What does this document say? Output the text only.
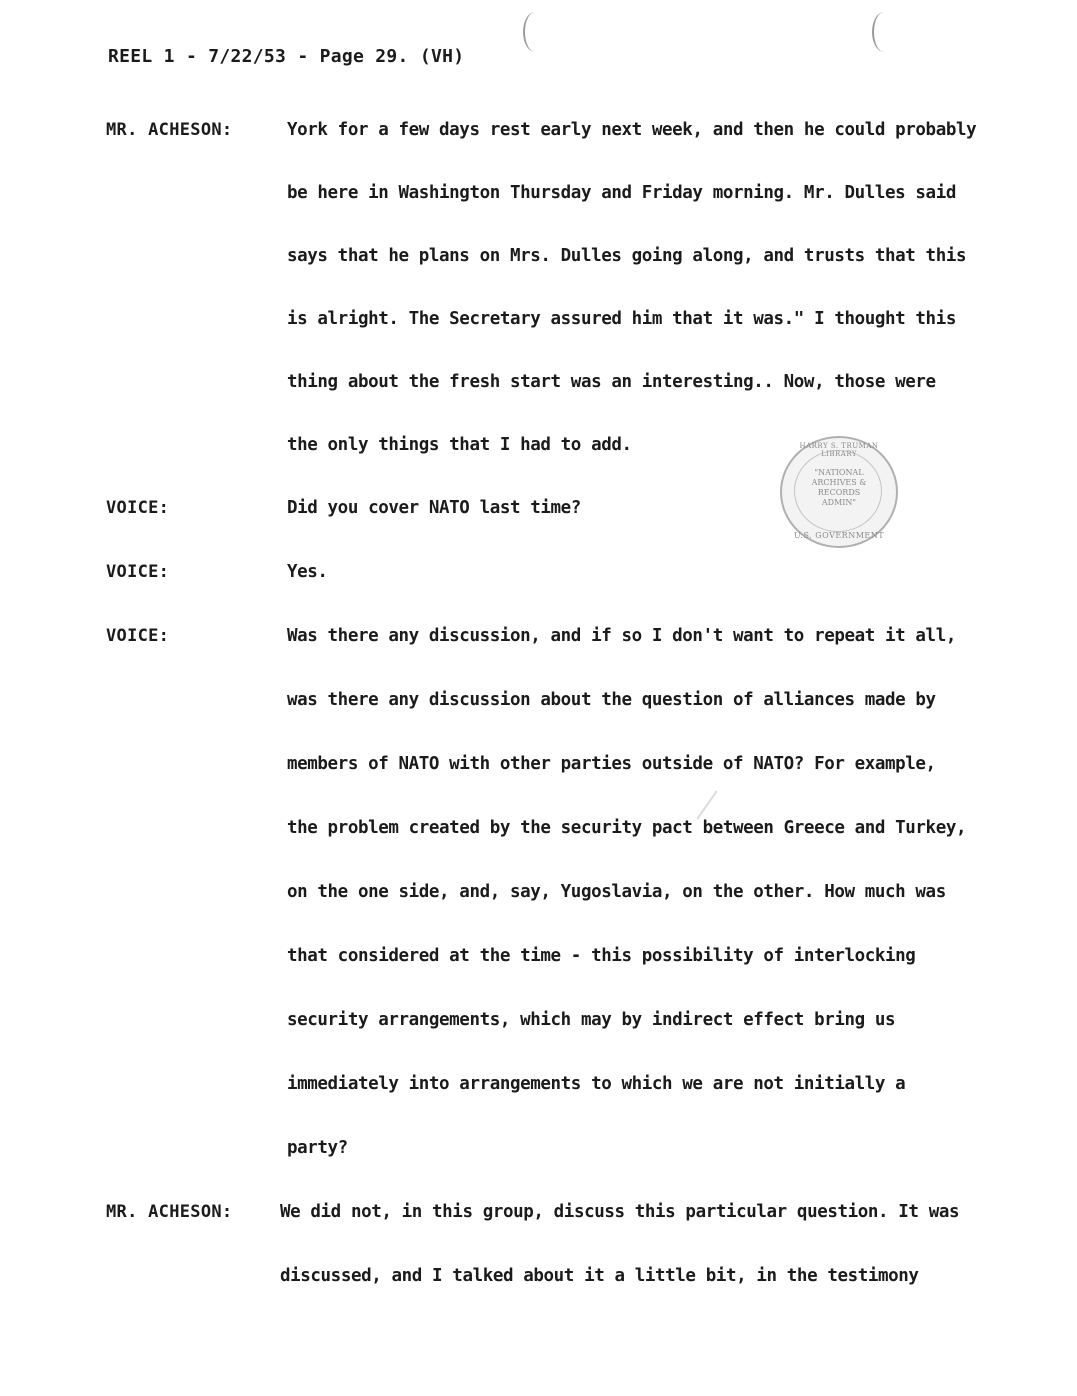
REEL 1 - 7/22/53 - Page 29. (VH)
MR. ACHESON:	York for a few days rest early next week, and then he could probably
be here in Washington Thursday and Friday morning. Mr. Dulles said
says that he plans on Mrs. Dulles going along, and trusts that this
is alright. The Secretary assured him that it was." I thought this
thing about the fresh start was an interesting.. Now, those were
the only things that I had to add.
VOICE:	Did you cover NATO last time?
VOICE:	Yes.
VOICE:	Was there any discussion, and if so I don't want to repeat it all,
was there any discussion about the question of alliances made by
members of NATO with other parties outside of NATO? For example,
the problem created by the security pact between Greece and Turkey,
on the one side, and, say, Yugoslavia, on the other. How much was
that considered at the time - this possibility of interlocking
security arrangements, which may by indirect effect bring us
immediately into arrangements to which we are not initially a
party?
MR. ACHESON:	We did not, in this group, discuss this particular question. It was
discussed, and I talked about it a little bit, in the testimony
HARRY S. TRUMAN LIBRARY
"NATIONAL ARCHIVES & RECORDS ADMIN"
U.S. GOVERNMENT
